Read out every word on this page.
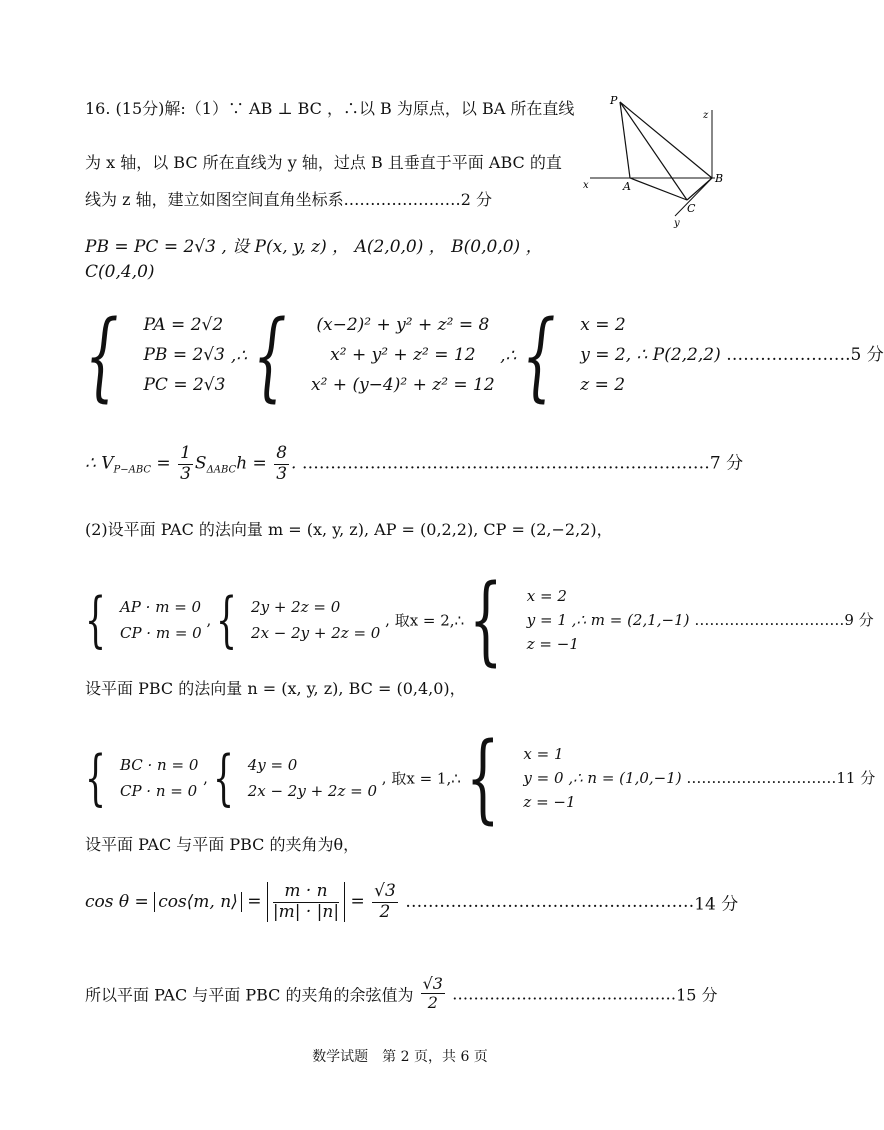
16. (15分)解:（1）∵ AB ⊥ BC ，∴以 B 为原点，以 BA 所在直线
为 x 轴，以 BC 所在直线为 y 轴，过点 B 且垂直于平面 ABC 的直
线为 z 轴，建立如图空间直角坐标系.…………………2 分
PB = PC = 2√3 , 设 P(x, y, z) ， A(2,0,0) ， B(0,0,0) ，
C(0,4,0)
P
z
x	A
B
C
y
{ PA = 2√2
PB = 2√3
PC = 2√3
,∴ {	(x−2)² + y² + z² = 8
x² + y² + z² = 12
x² + (y−4)² + z² = 12
,∴ { x = 2
y = 2, ∴ P(2,2,2) ………………….5 分
z = 2
∴ $V_{P-ABC} = \frac{1}{3} S_{\Delta ABC}h = \frac{8}{3}$ . ………………………………………………………………7 分
(2)设平面 PAC 的法向量 m = (x, y, z), AP = (0,2,2), CP = (2,−2,2)，
{ AP · m = 0
CP · m = 0
, { 2y + 2z = 0
2x − 2y + 2z = 0
, 取x = 2,∴ { x = 2
y = 1 ,∴ m = (2,1,−1) …………………………9 分
z = −1
设平面 PBC 的法向量 n = (x, y, z), BC = (0,4,0)，
{ BC · n = 0
CP · n = 0
, { 4y = 0
2x − 2y + 2z = 0
, 取x = 1,∴ { x = 1
y = 0 ,∴ n = (1,0,−1) …………………………11 分
z = −1
设平面 PAC 与平面 PBC 的夹角为θ，
cos θ = cos⟨m, n⟩ = $\frac{m \cdot n}{|m| \cdot |n|} = \frac{√3}{2}$ ……………………………………………14 分
所以平面 PAC 与平面 PBC 的夹角的余弦值为 $\frac{√3}{2}$ ……………………………………15 分
数学试题　第 2 页，共 6 页
